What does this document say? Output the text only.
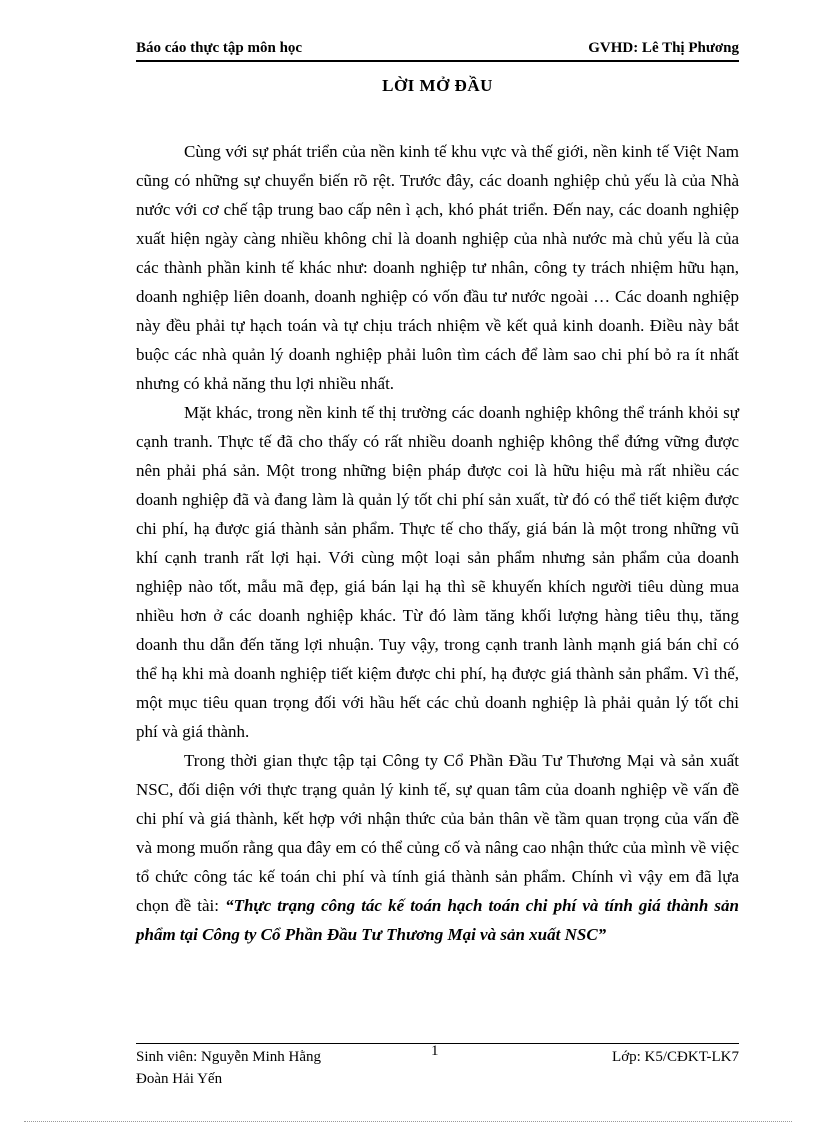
Báo cáo thực tập môn học	GVHD: Lê Thị Phương
LỜI MỞ ĐẦU

Cùng với sự phát triển của nền kinh tế khu vực và thế giới, nền kinh tế Việt Nam cũng có những sự chuyển biến rõ rệt. Trước đây, các doanh nghiệp chủ yếu là của Nhà nước với cơ chế tập trung bao cấp nên ì ạch, khó phát triển. Đến nay, các doanh nghiệp xuất hiện ngày càng nhiều không chỉ là doanh nghiệp của nhà nước mà chủ yếu là của các thành phần kinh tế khác như: doanh nghiệp tư nhân, công ty trách nhiệm hữu hạn, doanh nghiệp liên doanh, doanh nghiệp có vốn đầu tư nước ngoài … Các doanh nghiệp này đều phải tự hạch toán và tự chịu trách nhiệm về kết quả kinh doanh. Điều này bắt buộc các nhà quản lý doanh nghiệp phải luôn tìm cách để làm sao chi phí bỏ ra ít nhất nhưng có khả năng thu lợi nhiều nhất.

Mặt khác, trong nền kinh tế thị trường các doanh nghiệp không thể tránh khỏi sự cạnh tranh. Thực tế đã cho thấy có rất nhiều doanh nghiệp không thể đứng vững được nên phải phá sản. Một trong những biện pháp được coi là hữu hiệu mà rất nhiều các doanh nghiệp đã và đang làm là quản lý tốt chi phí sản xuất, từ đó có thể tiết kiệm được chi phí, hạ được giá thành sản phẩm. Thực tế cho thấy, giá bán là một trong những vũ khí cạnh tranh rất lợi hại. Với cùng một loại sản phẩm nhưng sản phẩm của doanh nghiệp nào tốt, mẫu mã đẹp, giá bán lại hạ thì sẽ khuyến khích người tiêu dùng mua nhiều hơn ở các doanh nghiệp khác. Từ đó làm tăng khối lượng hàng tiêu thụ, tăng doanh thu dẫn đến tăng lợi nhuận. Tuy vậy, trong cạnh tranh lành mạnh giá bán chỉ có thể hạ khi mà doanh nghiệp tiết kiệm được chi phí, hạ được giá thành sản phẩm. Vì thế, một mục tiêu quan trọng đối với hầu hết các chủ doanh nghiệp là phải quản lý tốt chi phí và giá thành.

Trong thời gian thực tập tại Công ty Cổ Phần Đầu Tư Thương Mại và sản xuất NSC, đối diện với thực trạng quản lý kinh tế, sự quan tâm của doanh nghiệp về vấn đề chi phí và giá thành, kết hợp với nhận thức của bản thân về tầm quan trọng của vấn đề và mong muốn rằng qua đây em có thể củng cố và nâng cao nhận thức của mình về việc tổ chức công tác kế toán chi phí và tính giá thành sản phẩm. Chính vì vậy em đã lựa chọn đề tài: “Thực trạng công tác kế toán hạch toán chi phí và tính giá thành sản phẩm tại Công ty Cổ Phần Đầu Tư Thương Mại và sản xuất NSC”

Sinh viên: Nguyễn Minh Hằng	1	Lớp: K5/CĐKT-LK7
Đoàn Hải Yến
